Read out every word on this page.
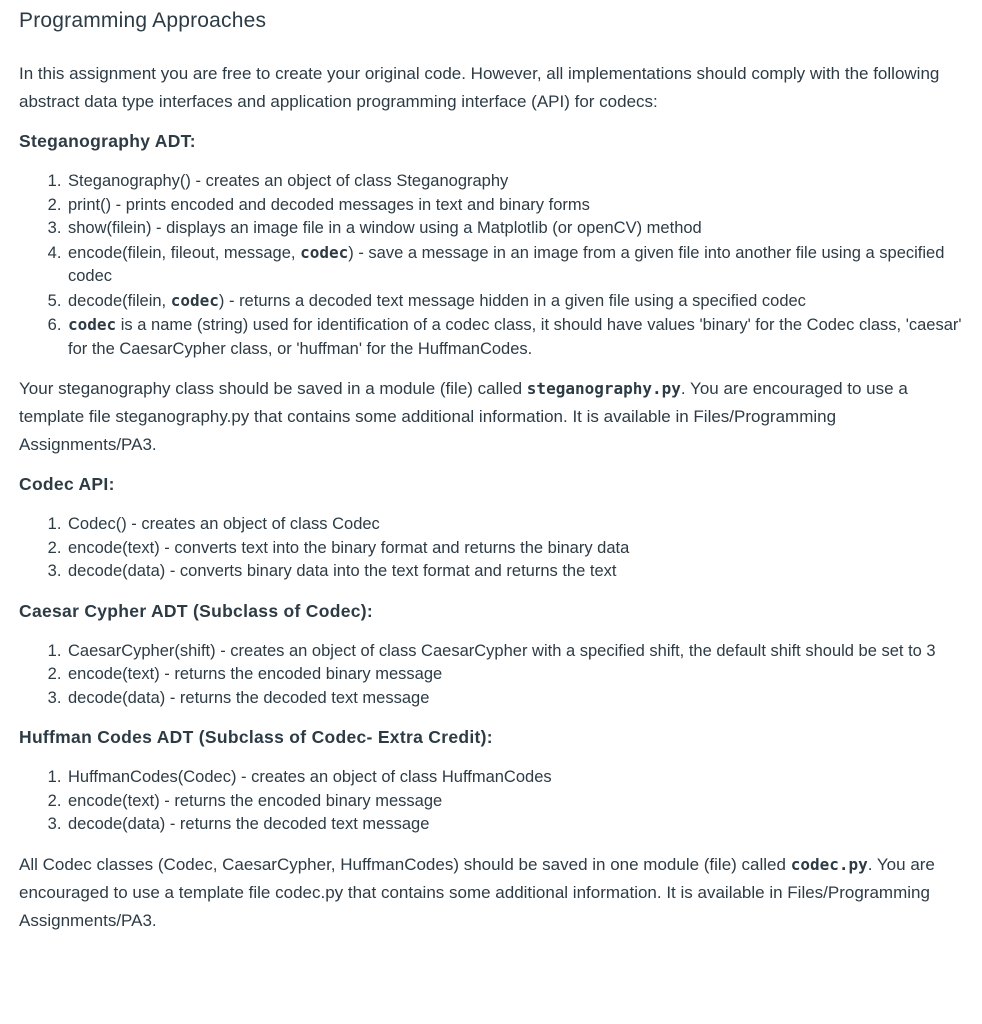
Programming Approaches

In this assignment you are free to create your original code. However, all implementations should comply with the following abstract data type interfaces and application programming interface (API) for codecs:

Steganography ADT:
1. Steganography() - creates an object of class Steganography
2. print() - prints encoded and decoded messages in text and binary forms
3. show(filein) - displays an image file in a window using a Matplotlib (or openCV) method
4. encode(filein, fileout, message, codec) - save a message in an image from a given file into another file using a specified codec
5. decode(filein, codec) - returns a decoded text message hidden in a given file using a specified codec
6. codec is a name (string) used for identification of a codec class, it should have values 'binary' for the Codec class, 'caesar' for the CaesarCypher class, or 'huffman' for the HuffmanCodes.

Your steganography class should be saved in a module (file) called steganography.py. You are encouraged to use a template file steganography.py that contains some additional information. It is available in Files/Programming Assignments/PA3.

Codec API:
1. Codec() - creates an object of class Codec
2. encode(text) - converts text into the binary format and returns the binary data
3. decode(data) - converts binary data into the text format and returns the text
Caesar Cypher ADT (Subclass of Codec):
1. CaesarCypher(shift) - creates an object of class CaesarCypher with a specified shift, the default shift should be set to 3
2. encode(text) - returns the encoded binary message
3. decode(data) - returns the decoded text message
Huffman Codes ADT (Subclass of Codec- Extra Credit):
1. HuffmanCodes(Codec) - creates an object of class HuffmanCodes
2. encode(text) - returns the encoded binary message
3. decode(data) - returns the decoded text message

All Codec classes (Codec, CaesarCypher, HuffmanCodes) should be saved in one module (file) called codec.py. You are encouraged to use a template file codec.py that contains some additional information. It is available in Files/Programming Assignments/PA3.
